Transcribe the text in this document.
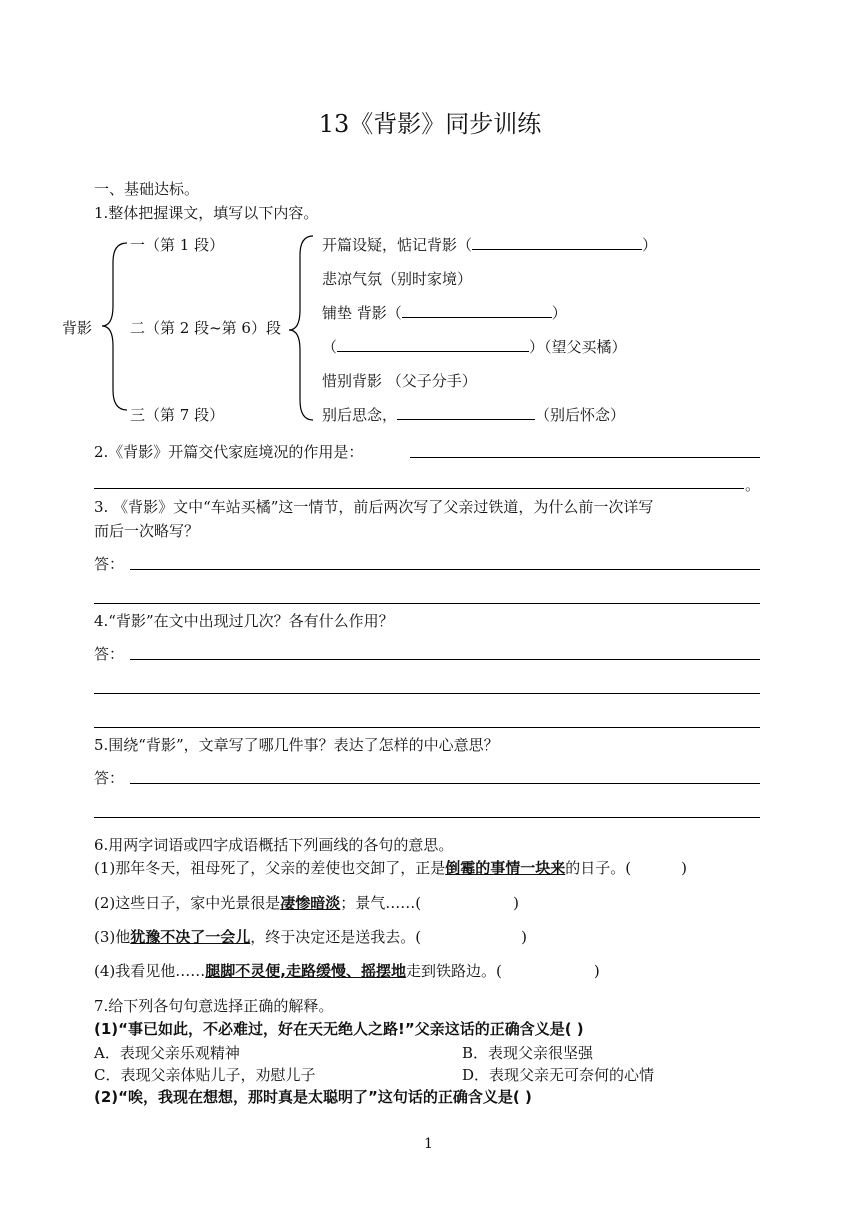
13《背影》同步训练
一、基础达标。
1.整体把握课文，填写以下内容。
背影
一（第 1 段）
二（第 2 段~第 6）段
三（第 7 段）
开篇设疑，惦记背影（	）
悲凉气氛（别时家境）
铺垫 背影（	）
（	）（望父买橘）
惜别背影 （父子分手）
别后思念，	（别后怀念）
2.《背影》开篇交代家庭境况的作用是：
。
3. 《背影》文中“车站买橘”这一情节，前后两次写了父亲过铁道，为什么前一次详写
而后一次略写？
答：
4.“背影”在文中出现过几次？各有什么作用？
答：
5.围绕“背影”，文章写了哪几件事？表达了怎样的中心意思？
答：
6.用两字词语或四字成语概括下列画线的各句的意思。
(1)那年冬天，祖母死了，父亲的差使也交卸了，正是倒霉的事情一块来的日子。(	)
(2)这些日子，家中光景很是凄惨暗淡；景气……(	)
(3)他犹豫不决了一会儿，终于决定还是送我去。(	)
(4)我看见他……腿脚不灵便,走路缓慢、摇摆地走到铁路边。(	)
7.给下列各句句意选择正确的解释。
(1)“事已如此，不必难过，好在天无绝人之路!”父亲这话的正确含义是( )
A．表现父亲乐观精神	B．表现父亲很坚强
C．表现父亲体贴儿子，劝慰儿子	D．表现父亲无可奈何的心情
(2)“唉，我现在想想，那时真是太聪明了”这句话的正确含义是( )
1
